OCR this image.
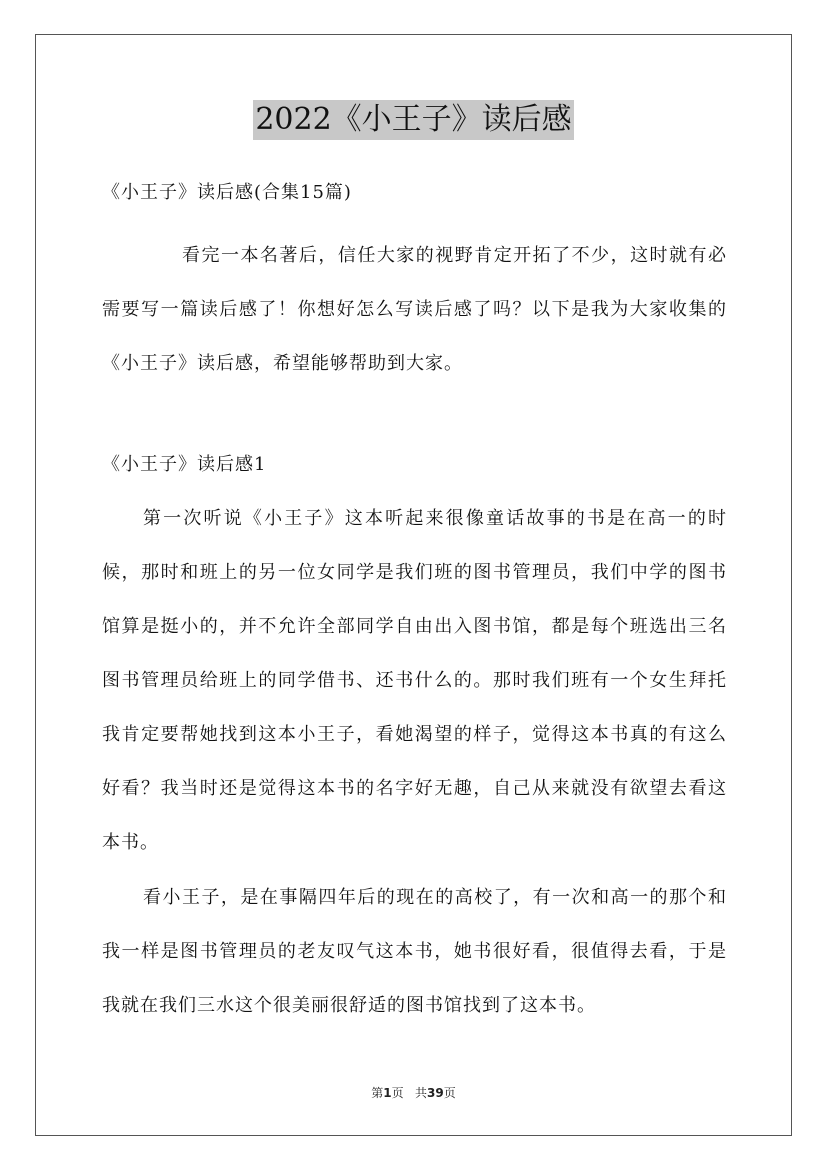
2022《小王子》读后感
《小王子》读后感(合集15篇)
看完一本名著后，信任大家的视野肯定开拓了不少，这时就有必需要写一篇读后感了！你想好怎么写读后感了吗？以下是我为大家收集的《小王子》读后感，希望能够帮助到大家。
《小王子》读后感1
第一次听说《小王子》这本听起来很像童话故事的书是在高一的时候，那时和班上的另一位女同学是我们班的图书管理员，我们中学的图书馆算是挺小的，并不允许全部同学自由出入图书馆，都是每个班选出三名图书管理员给班上的同学借书、还书什么的。那时我们班有一个女生拜托我肯定要帮她找到这本小王子，看她渴望的样子，觉得这本书真的有这么好看？我当时还是觉得这本书的名字好无趣，自己从来就没有欲望去看这本书。
看小王子，是在事隔四年后的现在的高校了，有一次和高一的那个和我一样是图书管理员的老友叹气这本书，她书很好看，很值得去看，于是我就在我们三水这个很美丽很舒适的图书馆找到了这本书。
第1页   共39页
